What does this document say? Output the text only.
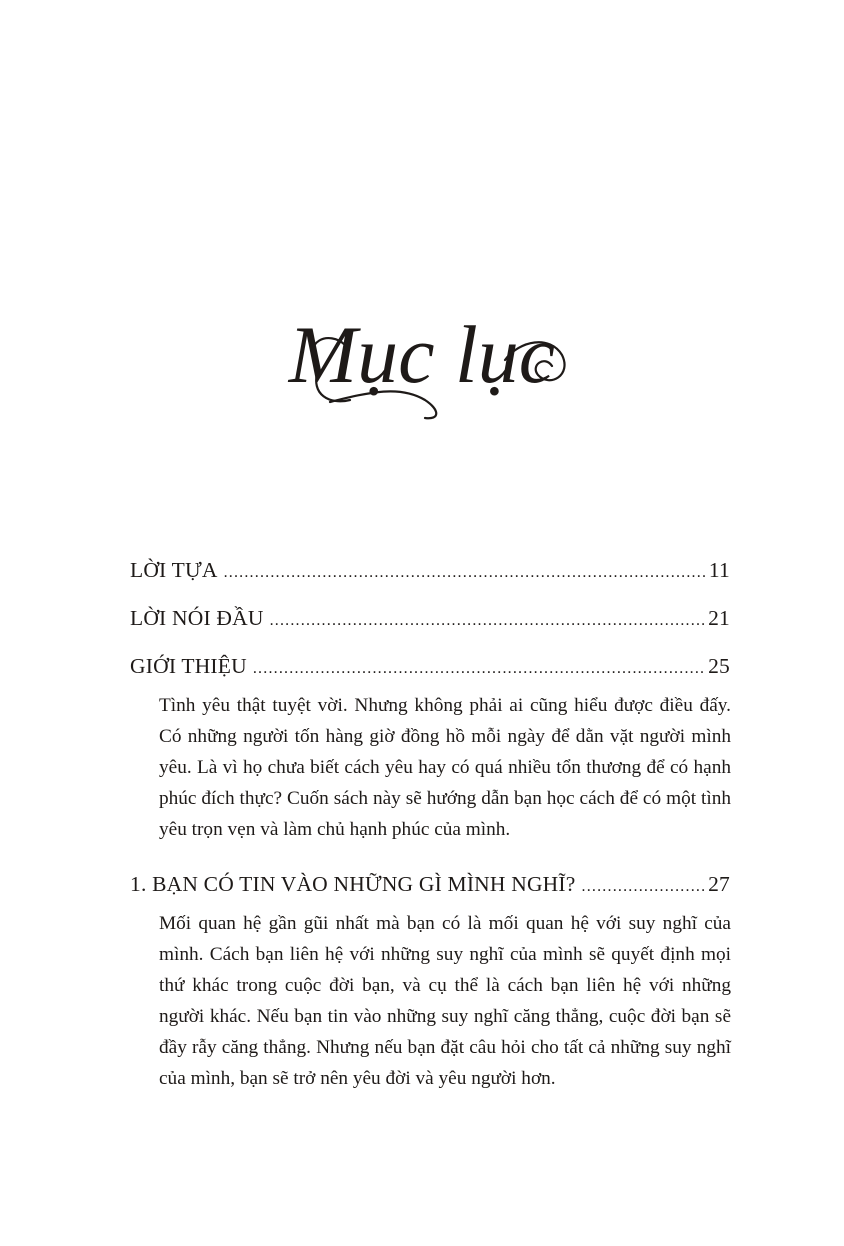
Mục lục
LỜI TỰA .....	11
LỜI NÓI ĐẦU .....	21
GIỚI THIỆU .....	25

Tình yêu thật tuyệt vời. Nhưng không phải ai cũng hiểu được điều đấy. Có những người tốn hàng giờ đồng hồ mỗi ngày để dằn vặt người mình yêu. Là vì họ chưa biết cách yêu hay có quá nhiều tổn thương để có hạnh phúc đích thực? Cuốn sách này sẽ hướng dẫn bạn học cách để có một tình yêu trọn vẹn và làm chủ hạnh phúc của mình.

1. BẠN CÓ TIN VÀO NHỮNG GÌ MÌNH NGHĨ? .....	27

Mối quan hệ gần gũi nhất mà bạn có là mối quan hệ với suy nghĩ của mình. Cách bạn liên hệ với những suy nghĩ của mình sẽ quyết định mọi thứ khác trong cuộc đời bạn, và cụ thể là cách bạn liên hệ với những người khác. Nếu bạn tin vào những suy nghĩ căng thẳng, cuộc đời bạn sẽ đầy rẫy căng thẳng. Nhưng nếu bạn đặt câu hỏi cho tất cả những suy nghĩ của mình, bạn sẽ trở nên yêu đời và yêu người hơn.
